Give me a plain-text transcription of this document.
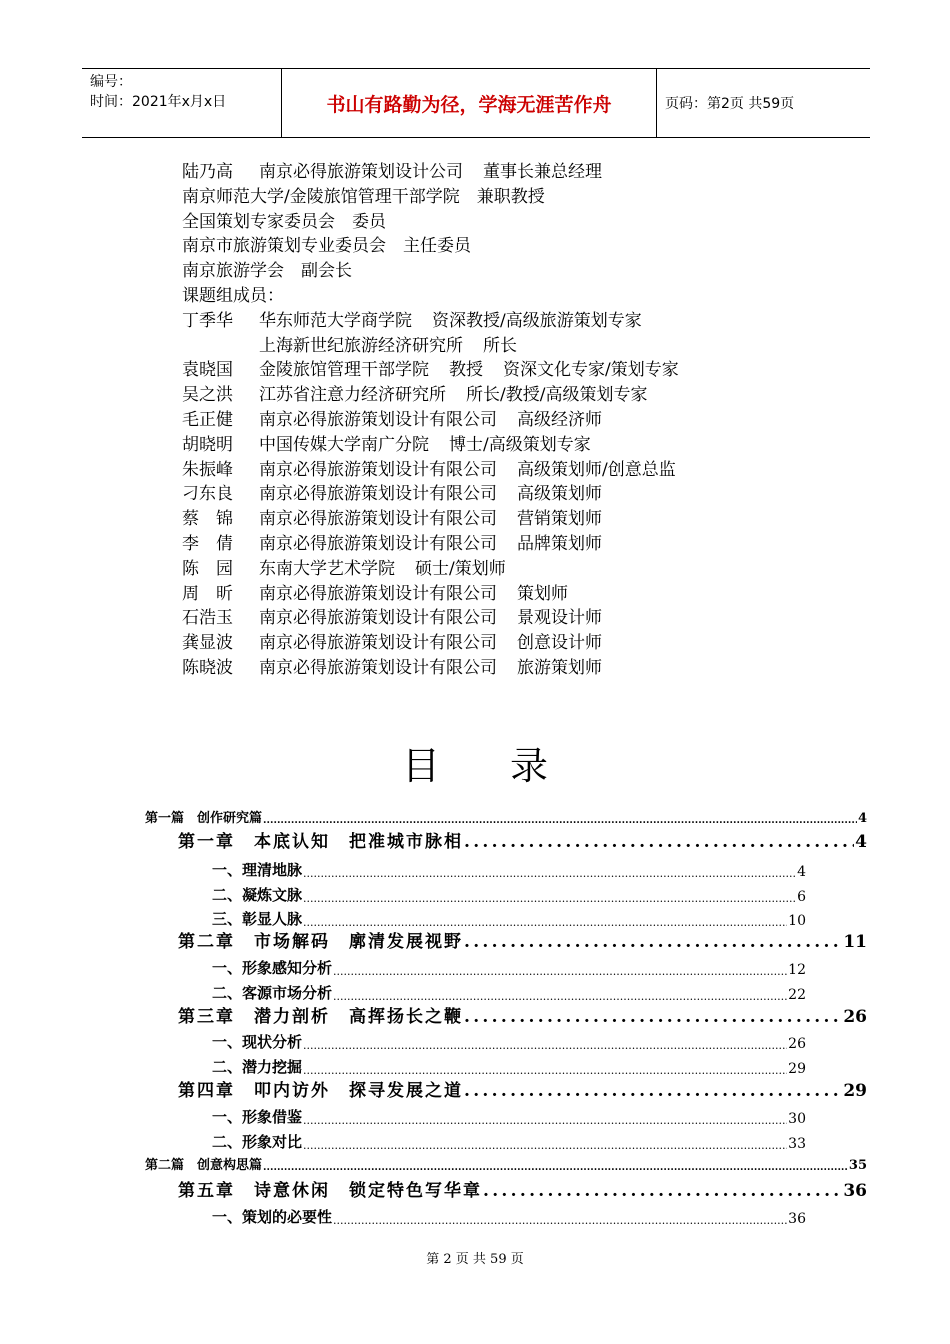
编号：
时间：2021年x月x日	书山有路勤为径，学海无涯苦作舟	页码：第2页 共59页
陆乃高	南京必得旅游策划设计公司 董事长兼总经理
南京师范大学/金陵旅馆管理干部学院　兼职教授
全国策划专家委员会　委员
南京市旅游策划专业委员会　主任委员
南京旅游学会　副会长
课题组成员：
丁季华	华东师范大学商学院 资深教授/高级旅游策划专家
上海新世纪旅游经济研究所 所长
袁晓国	金陵旅馆管理干部学院 教授 资深文化专家/策划专家
吴之洪	江苏省注意力经济研究所 所长/教授/高级策划专家
毛正健	南京必得旅游策划设计有限公司 高级经济师
胡晓明	中国传媒大学南广分院 博士/高级策划专家
朱振峰	南京必得旅游策划设计有限公司 高级策划师/创意总监
刁东良	南京必得旅游策划设计有限公司 高级策划师
蔡　锦	南京必得旅游策划设计有限公司 营销策划师
李　倩	南京必得旅游策划设计有限公司 品牌策划师
陈　园	东南大学艺术学院 硕士/策划师
周　昕	南京必得旅游策划设计有限公司 策划师
石浩玉	南京必得旅游策划设计有限公司 景观设计师
龚显波	南京必得旅游策划设计有限公司 创意设计师
陈晓波	南京必得旅游策划设计有限公司 旅游策划师
目录
第一篇　创作研究篇 .....	4
第一章　本底认知　把准城市脉相 .....	4
一、理清地脉 .....	4
二、凝炼文脉 .....	6
三、彰显人脉 .....	10
第二章　市场解码　廓清发展视野 .....	11
一、形象感知分析 .....	12
二、客源市场分析 .....	22
第三章　潜力剖析　高挥扬长之鞭 .....	26
一、现状分析 .....	26
二、潜力挖掘 .....	29
第四章　叩内访外　探寻发展之道 .....	29
一、形象借鉴 .....	30
二、形象对比 .....	33
第二篇　创意构思篇 .....	35
第五章　诗意休闲　锁定特色写华章 .....	36
一、策划的必要性 .....	36
第 2 页 共 59 页
